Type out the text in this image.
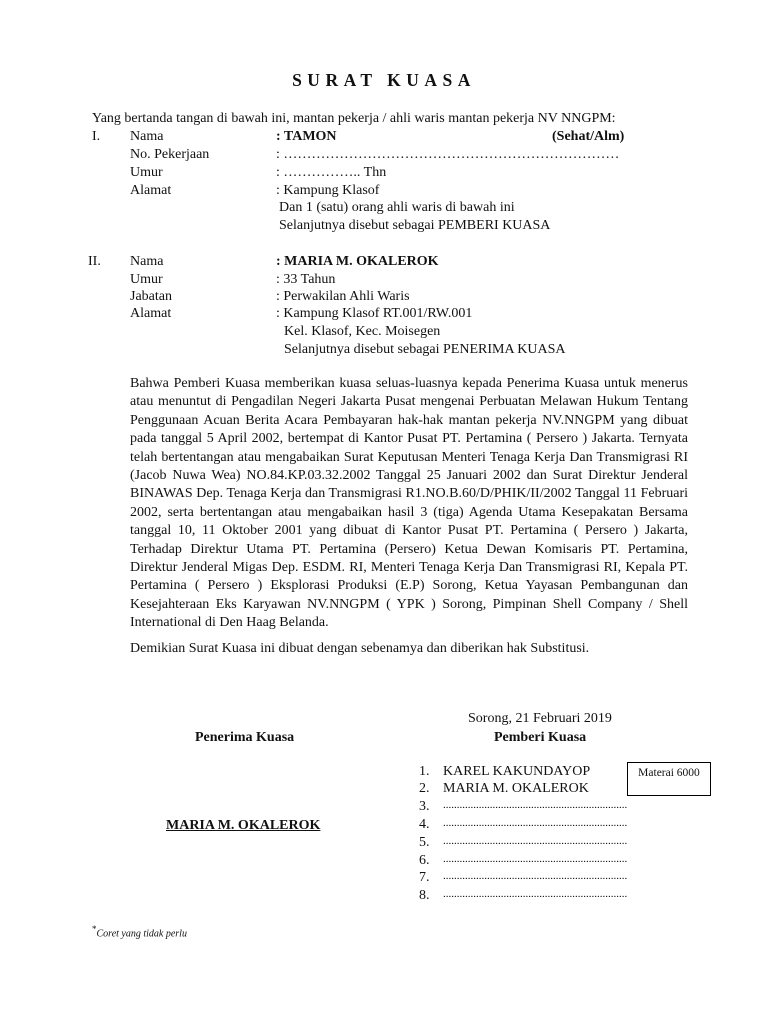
SURAT KUASA
Yang bertanda tangan di bawah ini, mantan pekerja / ahli waris mantan pekerja NV NNGPM:
I. Nama	: TAMON	(Sehat/Alm)
No. Pekerjaan	: ………………………………………………………………
Umur	: …………….. Thn
Alamat	: Kampung Klasof
Dan 1 (satu) orang ahli waris di bawah ini
Selanjutnya disebut sebagai PEMBERI KUASA
II. Nama	: MARIA M. OKALEROK
Umur	: 33 Tahun
Jabatan	: Perwakilan Ahli Waris
Alamat	: Kampung Klasof RT.001/RW.001
Kel. Klasof, Kec. Moisegen
Selanjutnya disebut sebagai PENERIMA KUASA
Bahwa Pemberi Kuasa memberikan kuasa seluas-luasnya kepada Penerima Kuasa untuk menerus atau menuntut di Pengadilan Negeri Jakarta Pusat mengenai Perbuatan Melawan Hukum Tentang Penggunaan Acuan Berita Acara Pembayaran hak-hak mantan pekerja NV.NNGPM yang dibuat pada tanggal 5 April 2002, bertempat di Kantor Pusat PT. Pertamina ( Persero ) Jakarta. Ternyata telah bertentangan atau mengabaikan Surat Keputusan Menteri Tenaga Kerja Dan Transmigrasi RI (Jacob Nuwa Wea) NO.84.KP.03.32.2002 Tanggal 25 Januari 2002 dan Surat Direktur Jenderal BINAWAS Dep. Tenaga Kerja dan Transmigrasi R1.NO.B.60/D/PHIK/II/2002 Tanggal 11 Februari 2002, serta bertentangan atau mengabaikan hasil 3 (tiga) Agenda Utama Kesepakatan Bersama tanggal 10, 11 Oktober 2001 yang dibuat di Kantor Pusat PT. Pertamina ( Persero ) Jakarta, Terhadap Direktur Utama PT. Pertamina (Persero) Ketua Dewan Komisaris PT. Pertamina, Direktur Jenderal Migas Dep. ESDM. RI, Menteri Tenaga Kerja Dan Transmigrasi RI, Kepala PT. Pertamina ( Persero ) Eksplorasi Produksi (E.P) Sorong, Ketua Yayasan Pembangunan dan Kesejahteraan Eks Karyawan NV.NNGPM ( YPK ) Sorong, Pimpinan Shell Company / Shell International di Den Haag Belanda.
Demikian Surat Kuasa ini dibuat dengan sebenamya dan diberikan hak Substitusi.
Sorong, 21 Februari 2019
Penerima Kuasa	Pemberi Kuasa
MARIA M. OKALEROK
Materai 6000
1. KAREL KAKUNDAYOP
2. MARIA M. OKALEROK
3. ...................................................................
4. ...................................................................
5. ...................................................................
6. ...................................................................
7. ...................................................................
8. ...................................................................
*Coret yang tidak perlu
